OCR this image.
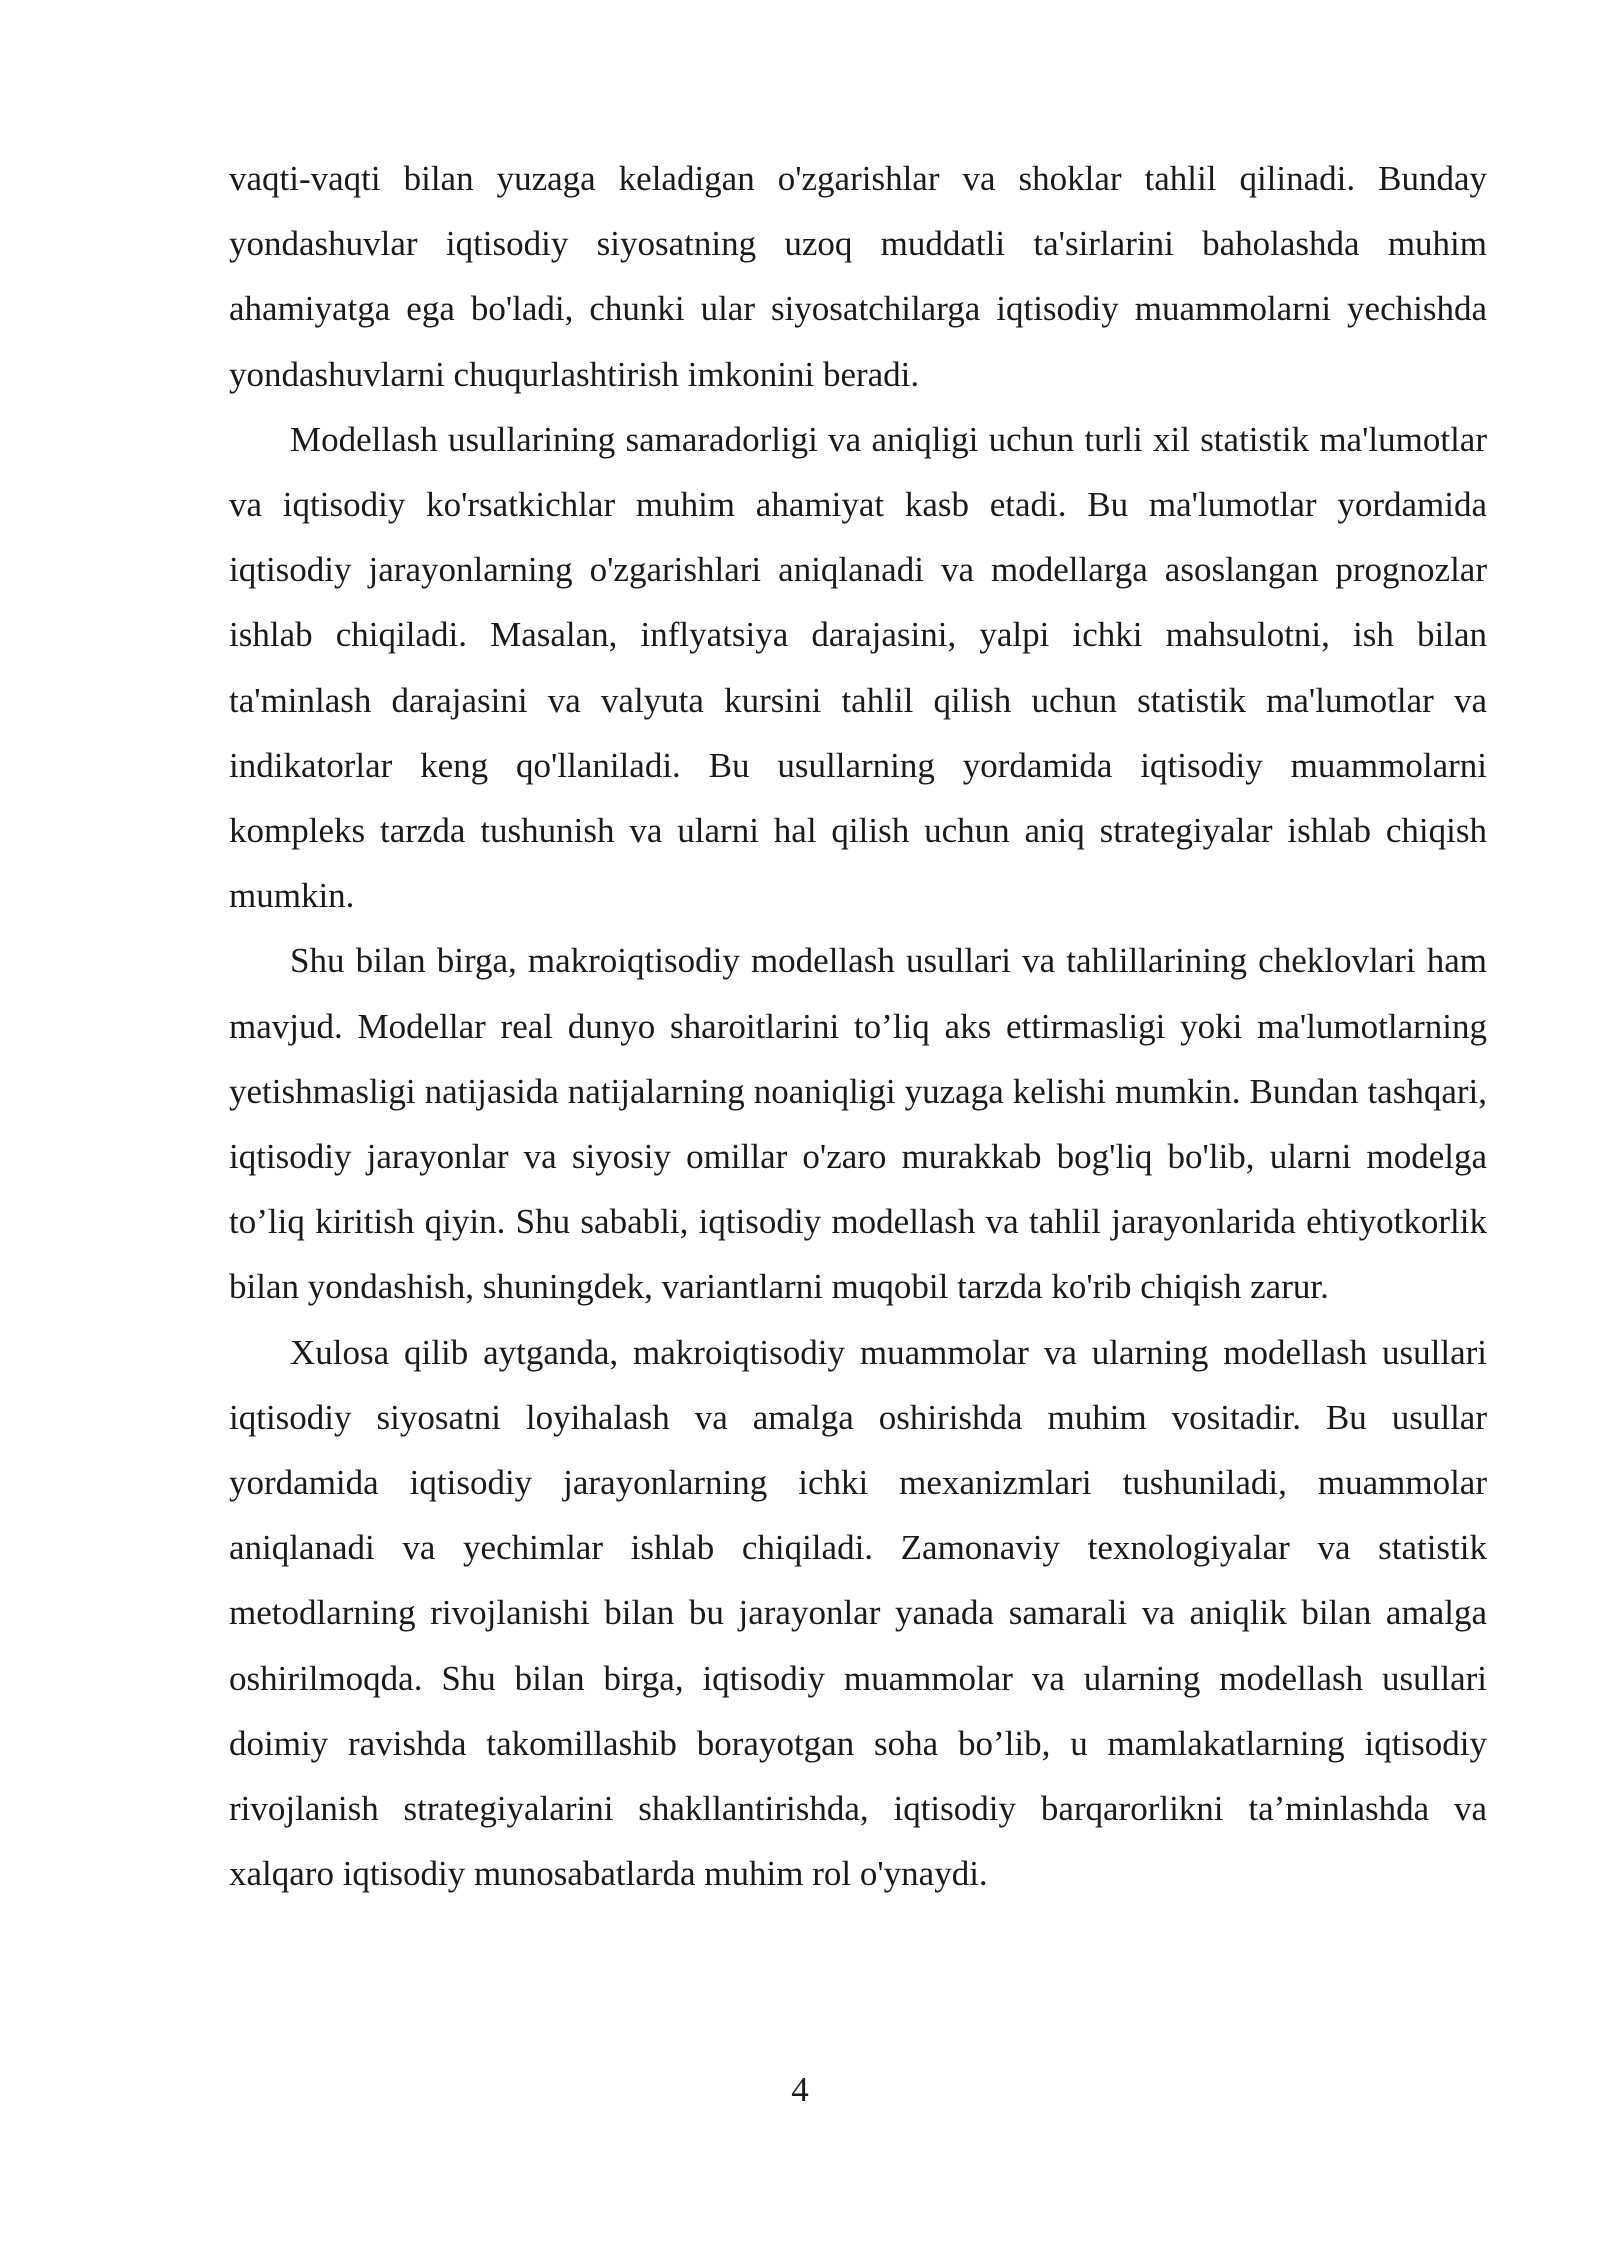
vaqti-vaqti bilan yuzaga keladigan o'zgarishlar va shoklar tahlil qilinadi. Bunday yondashuvlar iqtisodiy siyosatning uzoq muddatli ta'sirlarini baholashda muhim ahamiyatga ega bo'ladi, chunki ular siyosatchilarga iqtisodiy muammolarni yechishda yondashuvlarni chuqurlashtirish imkonini beradi.

Modellash usullarining samaradorligi va aniqligi uchun turli xil statistik ma'lumotlar va iqtisodiy ko'rsatkichlar muhim ahamiyat kasb etadi. Bu ma'lumotlar yordamida iqtisodiy jarayonlarning o'zgarishlari aniqlanadi va modellarga asoslangan prognozlar ishlab chiqiladi. Masalan, inflyatsiya darajasini, yalpi ichki mahsulotni, ish bilan ta'minlash darajasini va valyuta kursini tahlil qilish uchun statistik ma'lumotlar va indikatorlar keng qo'llaniladi. Bu usullarning yordamida iqtisodiy muammolarni kompleks tarzda tushunish va ularni hal qilish uchun aniq strategiyalar ishlab chiqish mumkin.

Shu bilan birga, makroiqtisodiy modellash usullari va tahlillarining cheklovlari ham mavjud. Modellar real dunyo sharoitlarini to’liq aks ettirmasligi yoki ma'lumotlarning yetishmasligi natijasida natijalarning noaniqligi yuzaga kelishi mumkin. Bundan tashqari, iqtisodiy jarayonlar va siyosiy omillar o'zaro murakkab bog'liq bo'lib, ularni modelga to’liq kiritish qiyin. Shu sababli, iqtisodiy modellash va tahlil jarayonlarida ehtiyotkorlik bilan yondashish, shuningdek, variantlarni muqobil tarzda ko'rib chiqish zarur.

Xulosa qilib aytganda, makroiqtisodiy muammolar va ularning modellash usullari iqtisodiy siyosatni loyihalash va amalga oshirishda muhim vositadir. Bu usullar yordamida iqtisodiy jarayonlarning ichki mexanizmlari tushuniladi, muammolar aniqlanadi va yechimlar ishlab chiqiladi. Zamonaviy texnologiyalar va statistik metodlarning rivojlanishi bilan bu jarayonlar yanada samarali va aniqlik bilan amalga oshirilmoqda. Shu bilan birga, iqtisodiy muammolar va ularning modellash usullari doimiy ravishda takomillashib borayotgan soha bo’lib, u mamlakatlarning iqtisodiy rivojlanish strategiyalarini shakllantirishda, iqtisodiy barqarorlikni ta’minlashda va xalqaro iqtisodiy munosabatlarda muhim rol o'ynaydi.

4
